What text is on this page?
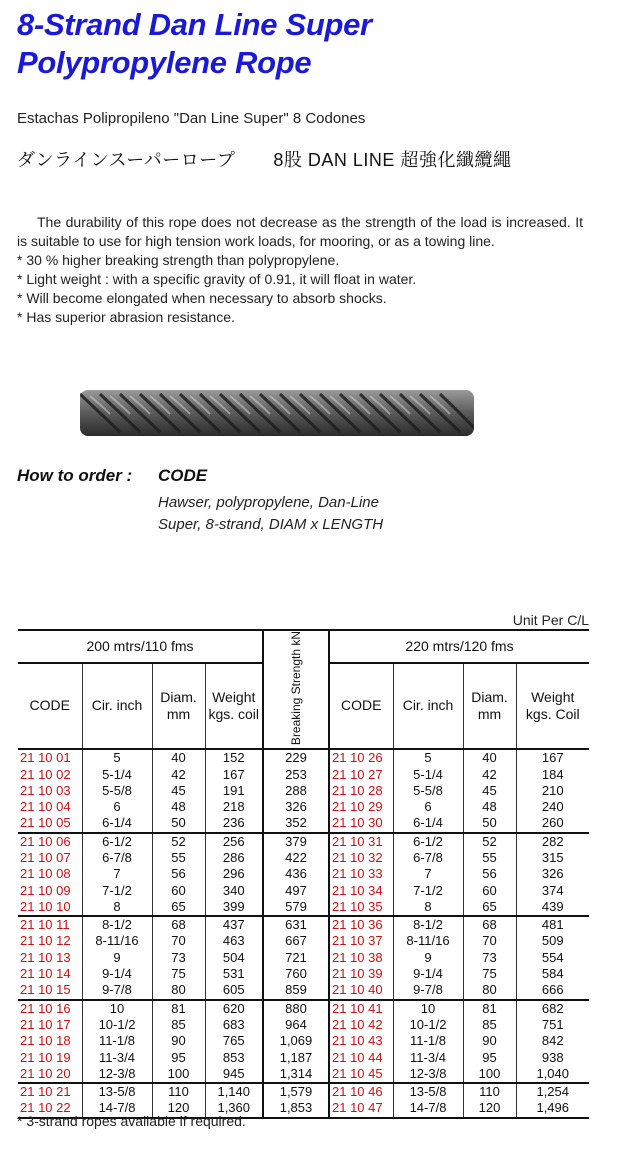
8-Strand Dan Line Super
Polypropylene Rope
Estachas Polipropileno "Dan Line Super" 8 Codones
ダンラインスーパーロープ 8股 DAN LINE 超強化纖纜繩

The durability of this rope does not decrease as the strength of the load is increased. It is suitable to use for high tension work loads, for mooring, or as a towing line.

* 30 % higher breaking strength than polypropylene.

* Light weight : with a specific gravity of 0.91, it will float in water.

* Will become elongated when necessary to absorb shocks.

* Has superior abrasion resistance.

How to order : CODE
Hawser, polypropylene, Dan-Line
Super, 8-strand, DIAM x LENGTH
Unit Per C/L
200 mtrs/110 fms				Breaking Strength kN	220 mtrs/120 fms			
CODE	Cir. inch	Diam. mm	Weight kgs. coil		CODE	Cir. inch	Diam. mm	Weight kgs. Coil
21 10 01	5	40	152	229	21 10 26	5	40	167
21 10 02	5-1/4	42	167	253	21 10 27	5-1/4	42	184
21 10 03	5-5/8	45	191	288	21 10 28	5-5/8	45	210
21 10 04	6	48	218	326	21 10 29	6	48	240
21 10 05	6-1/4	50	236	352	21 10 30	6-1/4	50	260
21 10 06	6-1/2	52	256	379	21 10 31	6-1/2	52	282
21 10 07	6-7/8	55	286	422	21 10 32	6-7/8	55	315
21 10 08	7	56	296	436	21 10 33	7	56	326
21 10 09	7-1/2	60	340	497	21 10 34	7-1/2	60	374
21 10 10	8	65	399	579	21 10 35	8	65	439
21 10 11	8-1/2	68	437	631	21 10 36	8-1/2	68	481
21 10 12	8-11/16	70	463	667	21 10 37	8-11/16	70	509
21 10 13	9	73	504	721	21 10 38	9	73	554
21 10 14	9-1/4	75	531	760	21 10 39	9-1/4	75	584
21 10 15	9-7/8	80	605	859	21 10 40	9-7/8	80	666
21 10 16	10	81	620	880	21 10 41	10	81	682
21 10 17	10-1/2	85	683	964	21 10 42	10-1/2	85	751
21 10 18	11-1/8	90	765	1,069	21 10 43	11-1/8	90	842
21 10 19	11-3/4	95	853	1,187	21 10 44	11-3/4	95	938
21 10 20	12-3/8	100	945	1,314	21 10 45	12-3/8	100	1,040
21 10 21	13-5/8	110	1,140	1,579	21 10 46	13-5/8	110	1,254
21 10 22	14-7/8	120	1,360	1,853	21 10 47	14-7/8	120	1,496
* 3-strand ropes available if required.
